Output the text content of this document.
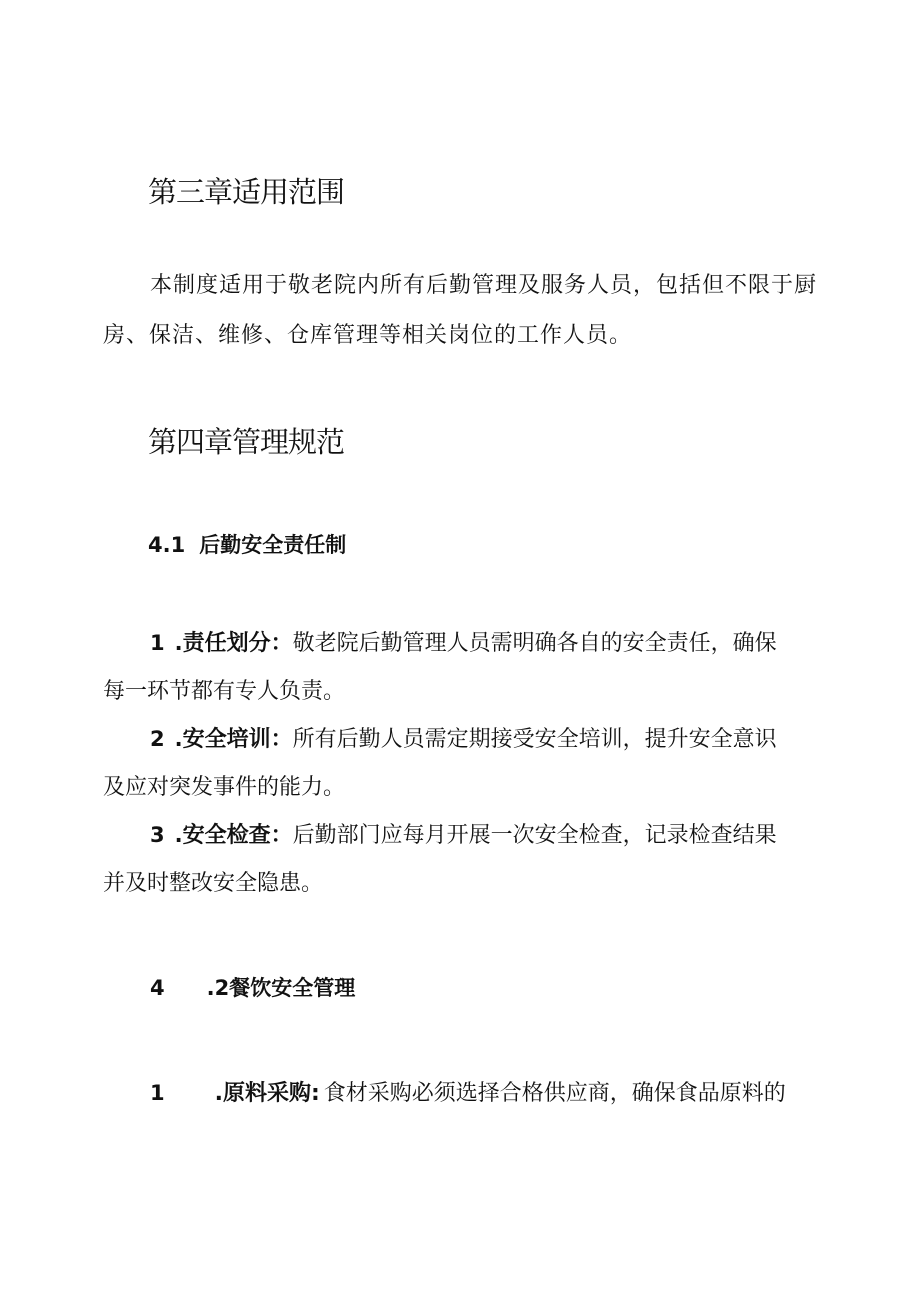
第三章适用范围
本制度适用于敬老院内所有后勤管理及服务人员，包括但不限于厨
房、保洁、维修、仓库管理等相关岗位的工作人员。
第四章管理规范
4.1 后勤安全责任制
1 .责任划分：敬老院后勤管理人员需明确各自的安全责任，确保
每一环节都有专人负责。
2 .安全培训：所有后勤人员需定期接受安全培训，提升安全意识
及应对突发事件的能力。
3 .安全检查：后勤部门应每月开展一次安全检查，记录检查结果
并及时整改安全隐患。
4 .2餐饮安全管理
1 .原料采购: 食材采购必须选择合格供应商，确保食品原料的
